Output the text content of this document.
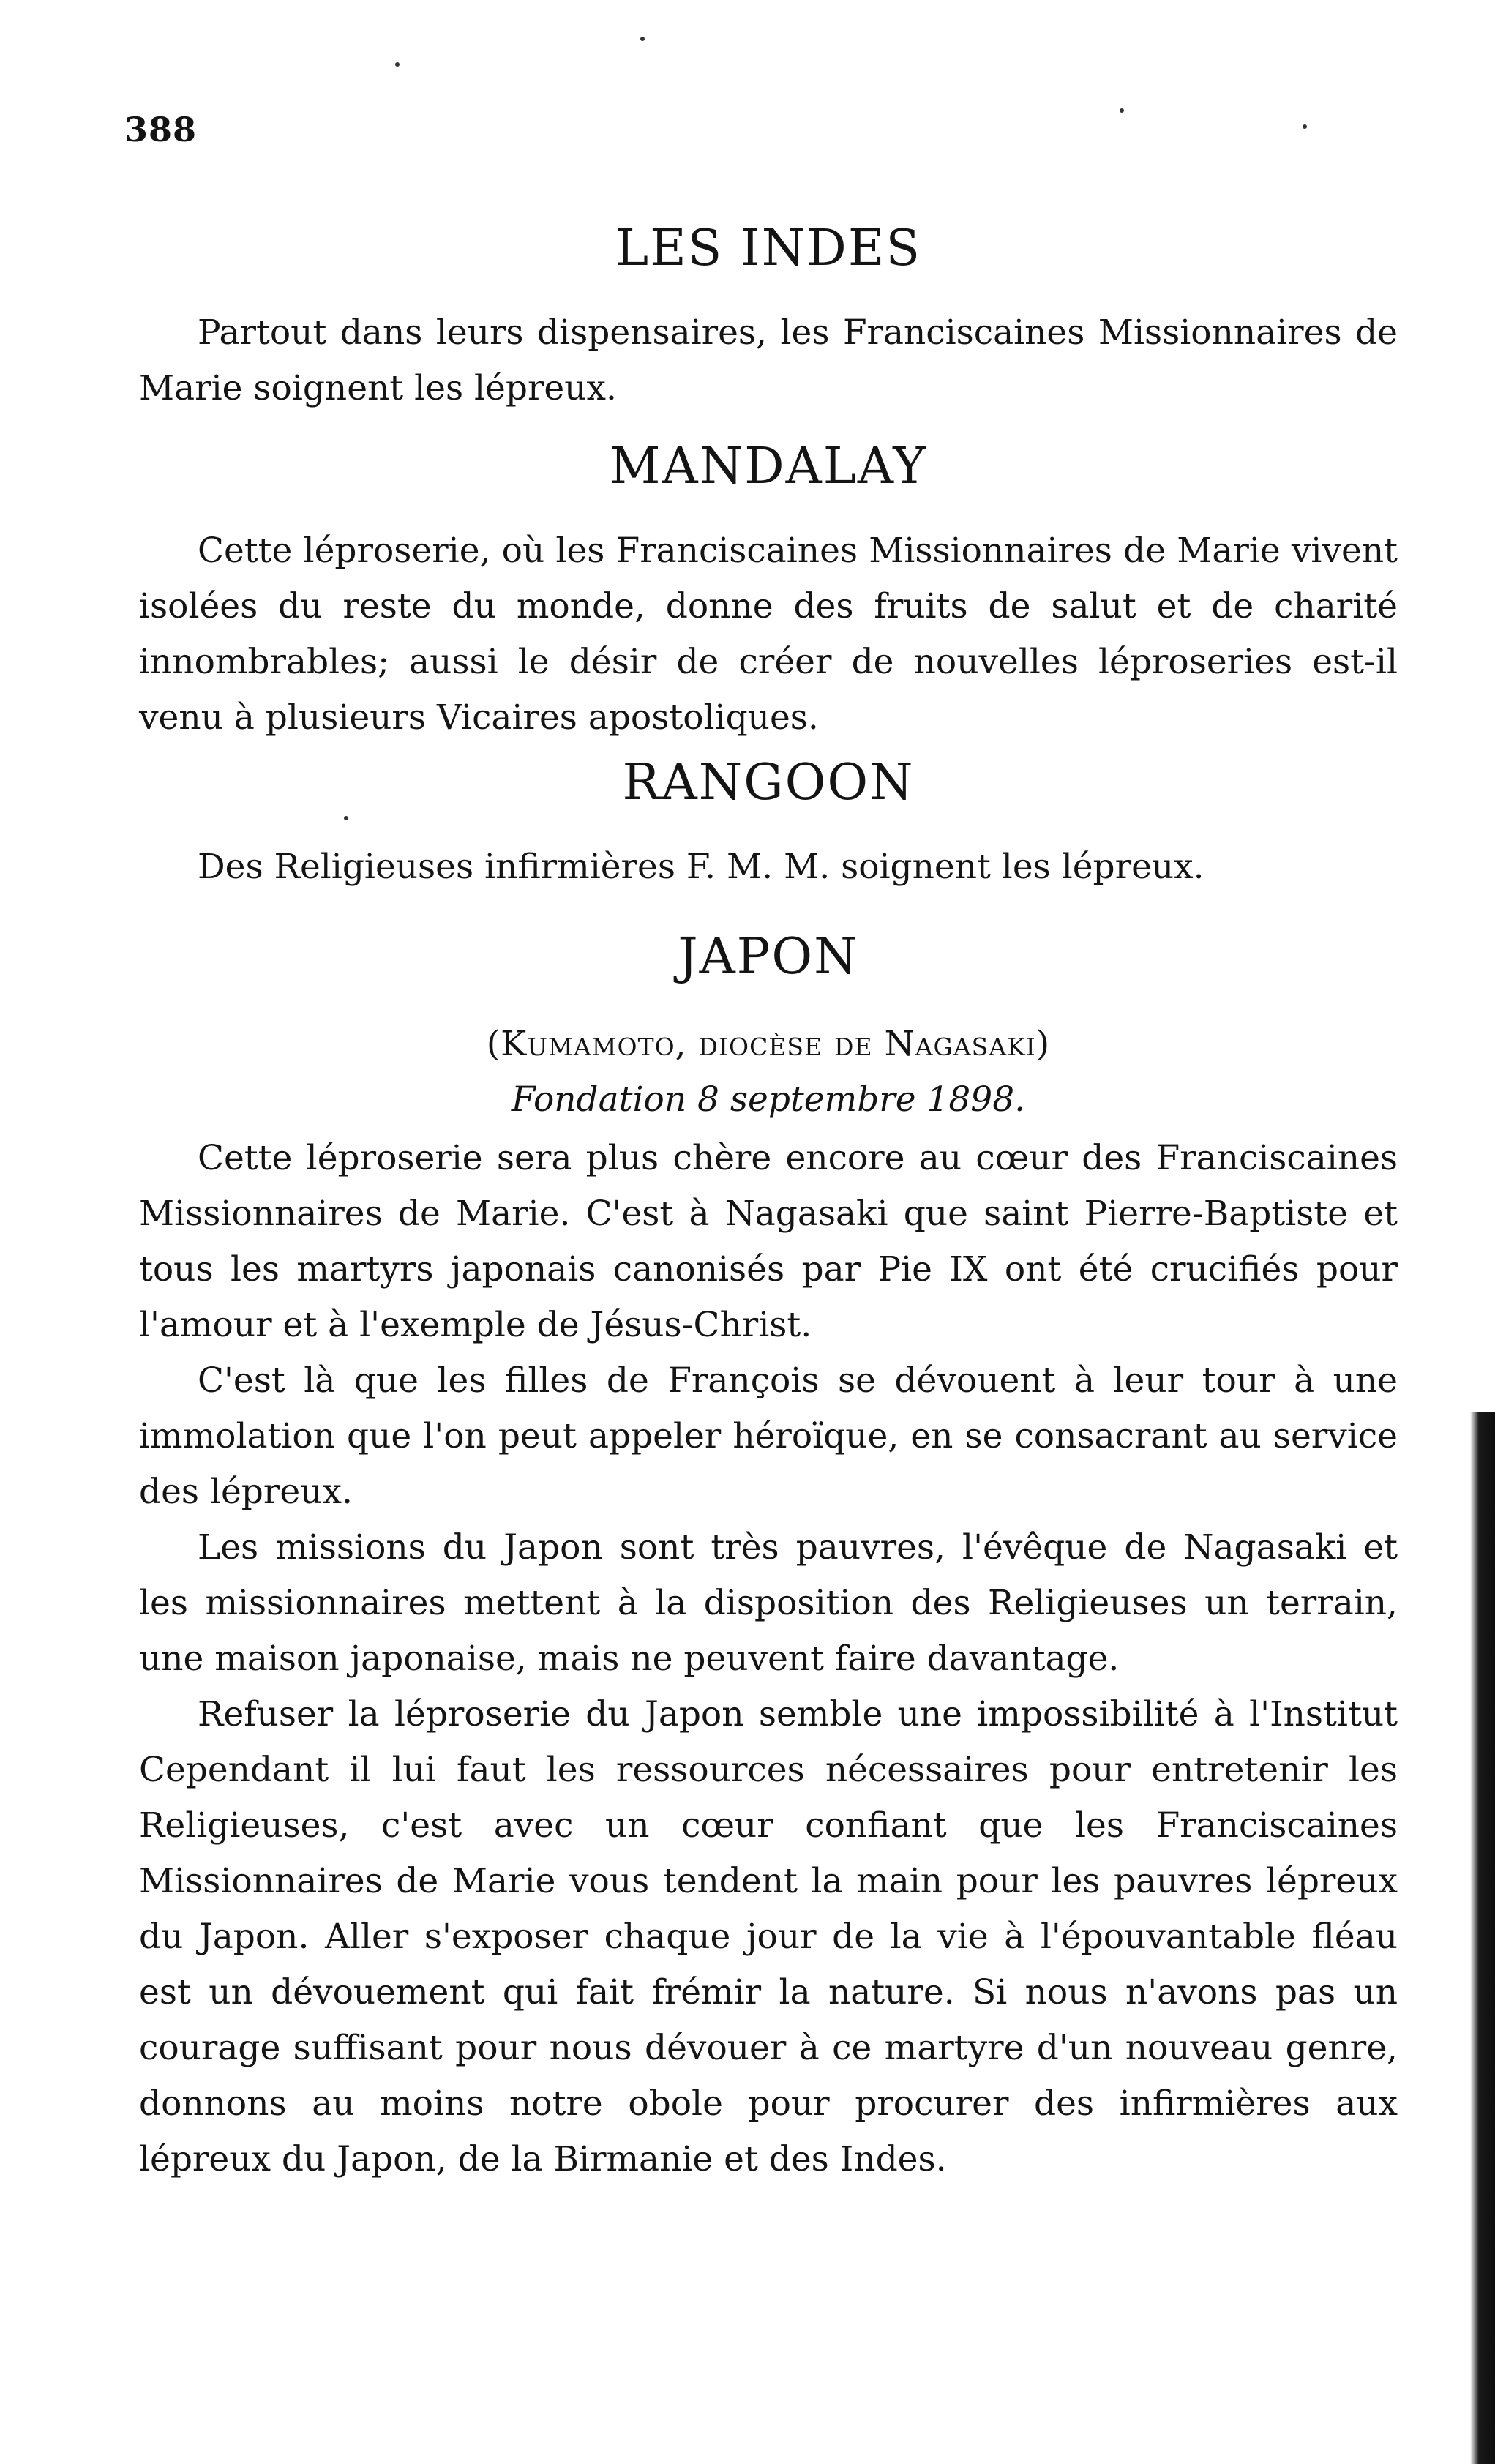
388
LES INDES

Partout dans leurs dispensaires, les Franciscaines Missionnaires de Marie soignent les lépreux.

MANDALAY

Cette léproserie, où les Franciscaines Missionnaires de Marie vivent isolées du reste du monde, donne des fruits de salut et de charité innombrables; aussi le désir de créer de nouvelles léproseries est-il venu à plusieurs Vicaires apostoliques.

RANGOON

Des Religieuses infirmières F. M. M. soignent les lépreux.

JAPON

(Kumamoto, diocèse de Nagasaki)

Fondation 8 septembre 1898.

Cette léproserie sera plus chère encore au cœur des Franciscaines Missionnaires de Marie. C'est à Nagasaki que saint Pierre-Baptiste et tous les martyrs japonais canonisés par Pie IX ont été crucifiés pour l'amour et à l'exemple de Jésus-Christ.

C'est là que les filles de François se dévouent à leur tour à une immolation que l'on peut appeler héroïque, en se consacrant au service des lépreux.

Les missions du Japon sont très pauvres, l'évêque de Nagasaki et les missionnaires mettent à la disposition des Religieuses un terrain, une maison japonaise, mais ne peuvent faire davantage.

Refuser la léproserie du Japon semble une impossibilité à l'Institut Cependant il lui faut les ressources nécessaires pour entretenir les Religieuses, c'est avec un cœur confiant que les Franciscaines Missionnaires de Marie vous tendent la main pour les pauvres lépreux du Japon. Aller s'exposer chaque jour de la vie à l'épouvantable fléau est un dévouement qui fait frémir la nature. Si nous n'avons pas un courage suffisant pour nous dévouer à ce martyre d'un nouveau genre, donnons au moins notre obole pour procurer des infirmières aux lépreux du Japon, de la Birmanie et des Indes.
